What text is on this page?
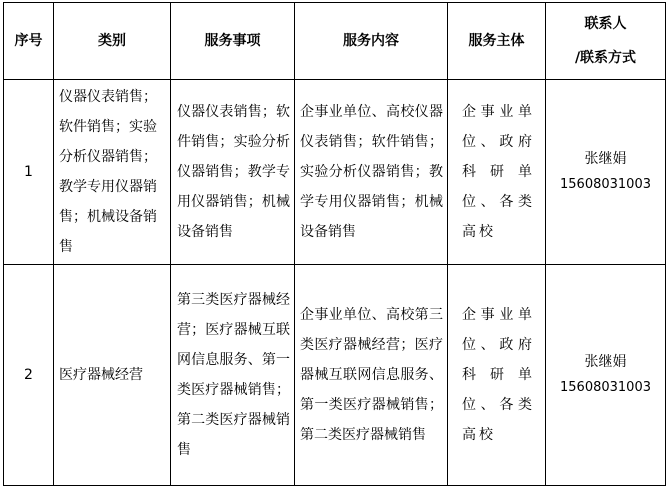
序号	类别	服务事项	服务内容	服务主体	联系人
/联系方式

1	仪器仪表销售；软件销售；实验分析仪器销售；教学专用仪器销售；机械设备销售	仪器仪表销售；软件销售；实验分析仪器销售；教学专用仪器销售；机械设备销售	企事业单位、高校仪器仪表销售；软件销售；实验分析仪器销售；教学专用仪器销售；机械设备销售	企事业单位、政府科研单位、各类高校	张继娟
15608031003

2	医疗器械经营	第三类医疗器械经营；医疗器械互联网信息服务、第一类医疗器械销售；第二类医疗器械销售	企事业单位、高校第三类医疗器械经营；医疗器械互联网信息服务、第一类医疗器械销售；第二类医疗器械销售	企事业单位、政府科研单位、各类高校	张继娟
15608031003
